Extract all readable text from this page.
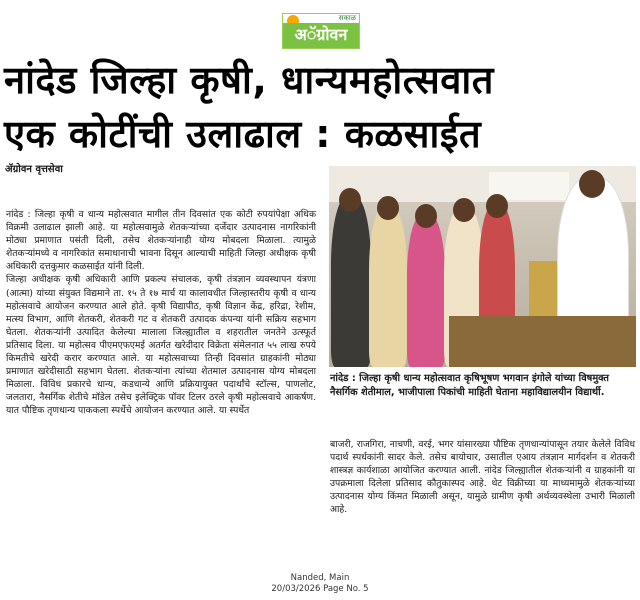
सकाळ
अॅग्रोवन
नांदेड जिल्हा कृषी, धान्यमहोत्सवात
एक कोटींची उलाढाल : कळसाईत
ॲग्रोवन वृत्तसेवा

नांदेड : जिल्हा कृषी व धान्य महोत्सवात मागील तीन दिवसांत एक कोटी रुपयांपेक्षा अधिक विक्रमी उलाढाल झाली आहे. या महोत्सवामुळे शेतकऱ्यांच्या दर्जेदार उत्पादनास नागरिकांनी मोठ्या प्रमाणात पसंती दिली, तसेच शेतकऱ्यांनाही योग्य मोबदला मिळाला. त्यामुळे शेतकऱ्यांमध्ये व नागरिकांत समाधानाची भावना दिसून आल्याची माहिती जिल्हा अधीक्षक कृषी अधिकारी दत्तकुमार कळसाईत यांनी दिली.
जिल्हा अधीक्षक कृषी अधिकारी आणि प्रकल्प संचालक, कृषी तंत्रज्ञान व्यवस्थापन यंत्रणा (आत्मा) यांच्या संयुक्त विद्यमाने ता. १५ ते १७ मार्च या कालावधीत जिल्हास्तरीय कृषी व धान्य महोत्सवाचे आयोजन करण्यात आले होते. कृषी विद्यापीठ, कृषी विज्ञान केंद्र, हरिद्रा, रेशीम, मत्स्य विभाग, आणि शेतकरी, शेतकरी गट व शेतकरी उत्पादक कंपन्या यांनी सक्रिय सहभाग घेतला. शेतकऱ्यांनी उत्पादित केलेल्या मालाला जिल्ह्यातील व शहरातील जनतेने उत्स्फूर्त प्रतिसाद दिला. या महोत्सव पीएमएफएमई अतर्गत खरेदीदार विक्रेता संमेलनात ५५ लाख रुपये किमतीचे खरेदी करार करण्यात आले. या महोत्सवाच्या तिन्ही दिवसांत ग्राहकांनी मोठ्या प्रमाणात खरेदीसाठी सहभाग घेतला. शेतकऱ्यांना त्यांच्या शेतमाल उत्पादनास योग्य मोबदला मिळाला. विविध प्रकारचे धान्य, कडधान्ये आणि प्रक्रियायुक्त पदार्थांचे स्टॉल्स, पाणलोट, जलतारा, नैसर्गिक शेतीचे मॉडेल तसेच इलेक्ट्रिक पॉवर टिलर ठरले कृषी महोत्सवाचे आकर्षण. यात पौष्टिक तृणधान्य पाककला स्पर्धेचे आयोजन करण्यात आले. या स्पर्धेत

नांदेड : जिल्हा कृषी धान्य महोत्सवात कृषिभूषण भगवान इंगोले यांच्या विषमुक्त नैसर्गिक शेतीमाल, भाजीपाला पिकांची माहिती घेताना महाविद्यालयीन विद्यार्थी.

बाजरी, राजगिरा, नाचणी, वरई, भगर यांसारख्या पौष्टिक तृणधान्यांपासून तयार केलेले विविध पदार्थ स्पर्धकांनी सादर केले. तसेच बायोचार, उसातील एआय तंत्रज्ञान मार्गदर्शन व शेतकरी शास्त्रज्ञ कार्यशाळा आयोजित करण्यात आली. नांदेड जिल्ह्यातील शेतकऱ्यांनी व ग्राहकांनी या उपक्रमाला दिलेला प्रतिसाद कौतुकास्पद आहे. थेट विक्रीच्या या माध्यमामुळे शेतकऱ्यांच्या उत्पादनास योग्य किंमत मिळाली असून, यामुळे ग्रामीण कृषी अर्थव्यवस्थेला उभारी मिळाली आहे.

Nanded, Main
20/03/2026 Page No. 5
